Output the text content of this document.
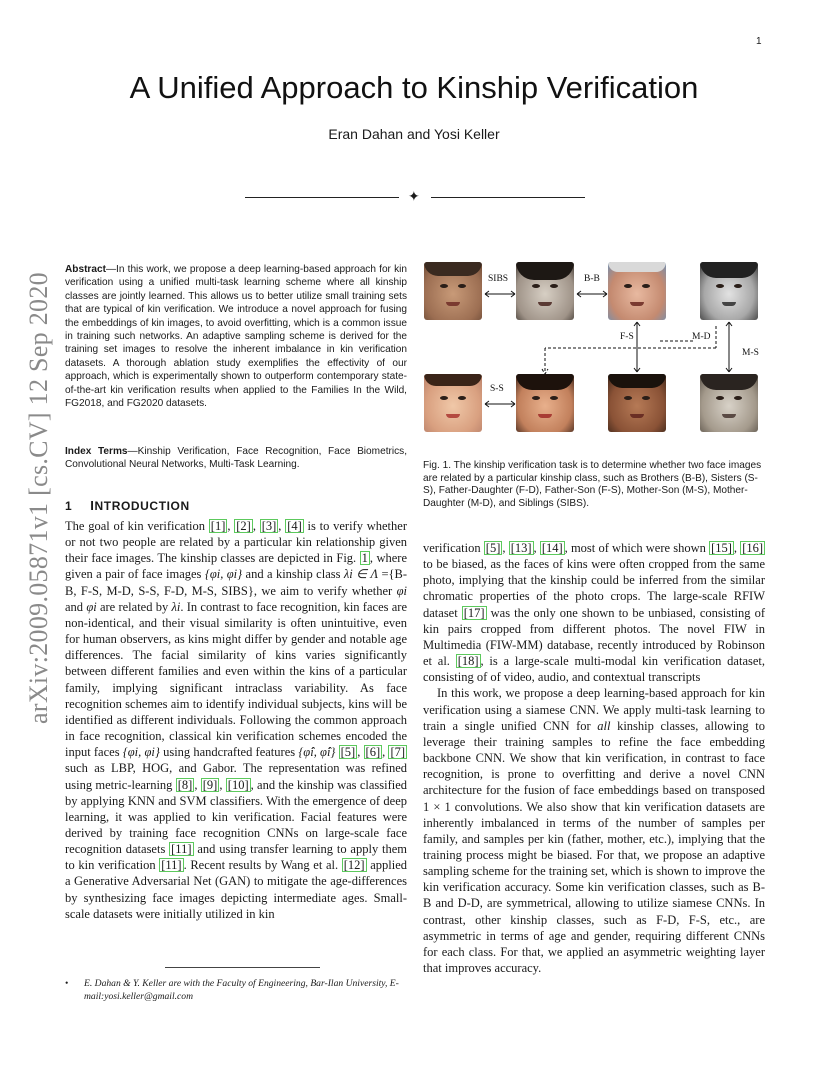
1
A Unified Approach to Kinship Verification
Eran Dahan and Yosi Keller
✦
arXiv:2009.05871v1 [cs.CV] 12 Sep 2020
Abstract—In this work, we propose a deep learning-based approach for kin verification using a unified multi-task learning scheme where all kinship classes are jointly learned. This allows us to better utilize small training sets that are typical of kin verification. We introduce a novel approach for fusing the embeddings of kin images, to avoid overfitting, which is a common issue in training such networks. An adaptive sampling scheme is derived for the training set images to resolve the inherent imbalance in kin verification datasets. A thorough ablation study exemplifies the effectivity of our approach, which is experimentally shown to outperform contemporary state-of-the-art kin verification results when applied to the Families In the Wild, FG2018, and FG2020 datasets.
Index Terms—Kinship Verification, Face Recognition, Face Biometrics, Convolutional Neural Networks, Multi-Task Learning.
1 INTRODUCTION
The goal of kin verification [1] , [2] , [3] , [4] is to verify whether or not two people are related by a particular kin relationship given their face images. The kinship classes are depicted in Fig. 1 , where given a pair of face images {φi, φi} and a kinship class λi ∈ Λ ={B-B, F-S, M-D, S-S, F-D, M-S, SIBS}, we aim to verify whether φi and φi are related by λi. In contrast to face recognition, kin faces are non-identical, and their visual similarity is often unintuitive, even for human observers, as kins might differ by gender and notable age differences. The facial similarity of kins varies significantly between different families and even within the kins of a particular family, implying significant intraclass variability. As face recognition schemes aim to identify individual subjects, kins will be identified as different individuals. Following the common approach in face recognition, classical kin verification schemes encoded the input faces {φi, φi} using handcrafted features {φ̂i, φ̂i} [5] , [6] , [7] such as LBP, HOG, and Gabor. The representation was refined using metric-learning [8] , [9] , [10] , and the kinship was classified by applying KNN and SVM classifiers. With the emergence of deep learning, it was applied to kin verification. Facial features were derived by training face recognition CNNs on large-scale face recognition datasets [11] and using transfer learning to apply them to kin verification [11] . Recent results by Wang et al. [12] applied a Generative Adversarial Net (GAN) to mitigate the age-differences by synthesizing face images depicting intermediate ages. Small-scale datasets were initially utilized in kin
• E. Dahan & Y. Keller are with the Faculty of Engineering, Bar-Ilan University, E-mail:yosi.keller@gmail.com
SIBS	B-B
S-S
F-S
M-S
M-D
Fig. 1. The kinship verification task is to determine whether two face images are related by a particular kinship class, such as Brothers (B-B), Sisters (S-S), Father-Daughter (F-D), Father-Son (F-S), Mother-Son (M-S), Mother-Daughter (M-D), and Siblings (SIBS).

verification [5] , [13] , [14] , most of which were shown [15] , [16] to be biased, as the faces of kins were often cropped from the same photo, implying that the kinship could be inferred from the similar chromatic properties of the photo crops. The large-scale RFIW dataset [17] was the only one shown to be unbiased, consisting of kin pairs cropped from different photos. The novel FIW in Multimedia (FIW-MM) database, recently introduced by Robinson et al. [18] , is a large-scale multi-modal kin verification dataset, consisting of of video, audio, and contextual transcripts

In this work, we propose a deep learning-based approach for kin verification using a siamese CNN. We apply multi-task learning to train a single unified CNN for all kinship classes, allowing to leverage their training samples to refine the face embedding backbone CNN. We show that kin verification, in contrast to face recognition, is prone to overfitting and derive a novel CNN architecture for the fusion of face embeddings based on transposed 1 × 1 convolutions. We also show that kin verification datasets are inherently imbalanced in terms of the number of samples per family, and samples per kin (father, mother, etc.), implying that the training process might be biased. For that, we propose an adaptive sampling scheme for the training set, which is shown to improve the kin verification accuracy. Some kin verification classes, such as B-B and D-D, are symmetrical, allowing to utilize siamese CNNs. In contrast, other kinship classes, such as F-D, F-S, etc., are asymmetric in terms of age and gender, requiring different CNNs for each class. For that, we applied an asymmetric weighting layer that improves accuracy.
